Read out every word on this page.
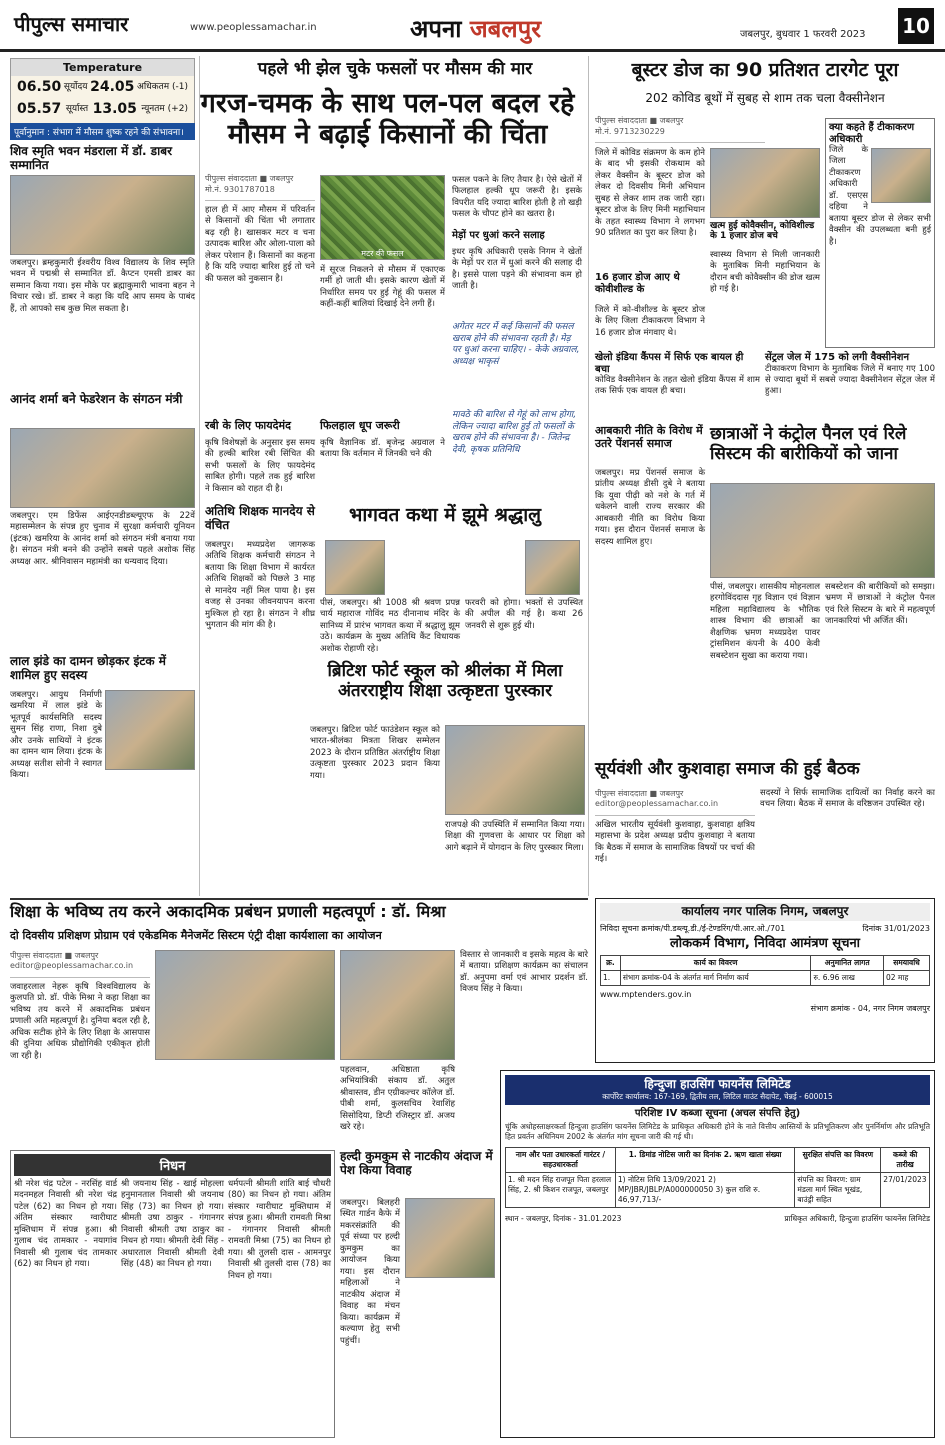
पीपुल्स समाचार	www.peoplessamachar.in	अपना जबलपुर	जबलपुर, बुधवार 1 फरवरी 2023 10
Temperature
06.50 सूर्योदय 24.05 अधिकतम (-1)
05.57 सूर्यास्त 13.05 न्यूनतम (+2)
पूर्वानुमान : संभाग में मौसम शुष्क रहने की संभावना।
शिव स्मृति भवन मंडराला में डॉ. डाबर सम्मानित
जबलपुर। ब्रम्हकुमारी ईश्वरीय विश्व विद्यालय के शिव स्मृति भवन में पद्मश्री से सम्मानित डॉ. कैप्टन एमसी डाबर का सम्मान किया गया। इस मौके पर ब्रह्माकुमारी भावना बहन ने विचार रखे। डॉ. डाबर ने कहा कि यदि आप समय के पाबंद हैं, तो आपको सब कुछ मिल सकता है।
आनंद शर्मा बने फेडरेशन के संगठन मंत्री
जबलपुर। एम डिफेंस आईएनडीडब्ल्यूएफ के 22वें महासम्मेलन के संपन्न हुए चुनाव में सुरक्षा कर्मचारी यूनियन (इंटक) खमरिया के आनंद शर्मा को संगठन मंत्री बनाया गया है। संगठन मंत्री बनने की उन्होंने सबसे पहले अशोक सिंह अध्यक्ष आर. श्रीनिवासन महामंत्री का धन्यवाद दिया।
लाल झंडे का दामन छोड़कर इंटक में शामिल हुए सदस्य
जबलपुर। आयुध निर्माणी खमरिया में लाल झंडे के भूतपूर्व कार्यसमिति सदस्य सुमन सिंह राणा, निशा दुबे और उनके साथियों ने इंटक का दामन थाम लिया। इंटक के अध्यक्ष सतीश सोनी ने स्वागत किया।
पहले भी झेल चुके फसलों पर मौसम की मार
गरज-चमक के साथ पल-पल बदल रहे मौसम ने बढ़ाई किसानों की चिंता
पीपुल्स संवाददाता ■ जबलपुर
मो.नं. 9301787018
हाल ही में आए मौसम में परिवर्तन से किसानों की चिंता भी लगातार बढ़ रही है। खासकर मटर व चना उत्पादक बारिश और ओला-पाला को लेकर परेशान हैं। किसानों का कहना है कि यदि ज्यादा बारिश हुई तो चने की फसल को नुकसान है।
रबी के लिए फायदेमंद
कृषि विशेषज्ञों के अनुसार इस समय की हल्की बारिश रबी सिंचित की सभी फसलों के लिए फायदेमंद साबित होगी। पहले तक हुई बारिश ने किसान को राहत दी है।
मटर की फसल
में सूरज निकलने से मौसम में एकाएक गर्मी हो जाती थी। इसके कारण खेतों में निर्धारित समय पर हुई गेहूं की फसल में कहीं-कहीं बालियां दिखाई देने लगी हैं।
फिलहाल धूप जरूरी
कृषि वैज्ञानिक डॉ. बृजेन्द्र अग्रवाल ने बताया कि वर्तमान में जिनकी चने की
फसल पकने के लिए तैयार है। ऐसे खेतों में फिलहाल हल्की धूप जरूरी है। इसके विपरीत यदि ज्यादा बारिश होती है तो खड़ी फसल के चौपट होने का खतरा है।
मेड़ों पर धुआं करने सलाह
इधर कृषि अधिकारी एसके निगम ने खेतों के मेड़ों पर रात में धुआं करने की सलाह दी है। इससे पाला पड़ने की संभावना कम हो जाती है।
अगेतर मटर में कई किसानों की फसल खराब होने की संभावना रहती है। मेड़ पर धुआं करना चाहिए। - केके अग्रवाल, अध्यक्ष भाकृसं
मावठे की बारिश से गेहूं को लाभ होगा, लेकिन ज्यादा बारिश हुई तो फसलों के खराब होने की संभावना है। - जितेन्द्र देवी, कृषक प्रतिनिधि
अतिथि शिक्षक मानदेय से वंचित
जबलपुर। मध्यप्रदेश जागरूक अतिथि शिक्षक कर्मचारी संगठन ने बताया कि शिक्षा विभाग में कार्यरत अतिथि शिक्षकों को पिछले 3 माह से मानदेय नहीं मिल पाया है। इस वजह से उनका जीवनयापन करना मुश्किल हो रहा है। संगठन ने शीघ्र भुगतान की मांग की है।
भागवत कथा में झूमे श्रद्धालु
पीसं, जबलपुर। श्री 1008 श्री श्रवण प्रपन्न चार्य महाराज गोविंद मठ दीनानाथ मंदिर के सानिध्य में प्रारंभ भागवत कथा में श्रद्धालु झूम उठे। कार्यक्रम के मुख्य अतिथि कैंट विधायक अशोक रोहाणी रहे।
फरवरी को होगा। भक्तों से उपस्थित की अपील की गई है। कथा 26 जनवरी से शुरू हुई थी।
ब्रिटिश फोर्ट स्कूल को श्रीलंका में मिला अंतरराष्ट्रीय शिक्षा उत्कृष्टता पुरस्कार
जबलपुर। ब्रिटिश फोर्ट फाउंडेशन स्कूल को भारत-श्रीलंका मित्रता शिखर सम्मेलन 2023 के दौरान प्रतिष्ठित अंतर्राष्ट्रीय शिक्षा उत्कृष्टता पुरस्कार 2023 प्रदान किया गया।
राजपक्षे की उपस्थिति में सम्मानित किया गया। शिक्षा की गुणवत्ता के आधार पर शिक्षा को आगे बढ़ाने में योगदान के लिए पुरस्कार मिला।
बूस्टर डोज का 90 प्रतिशत टारगेट पूरा
202 कोविड बूथों में सुबह से शाम तक चला वैक्सीनेशन
पीपुल्स संवाददाता ■ जबलपुर
मो.नं. 9713230229
जिले में कोविड संक्रमण के कम होने के बाद भी इसकी रोकथाम को लेकर वैक्सीन के बूस्टर डोज को लेकर दो दिवसीय मिनी अभियान सुबह से लेकर शाम तक जारी रहा। बूस्टर डोज के लिए मिनी महाभियान के तहत स्वास्थ्य विभाग ने लगभग 90 प्रतिशत का पुरा कर लिया है।
खत्म हुई कोवैक्सीन, कोविशील्ड के 1 हजार डोज बचे
स्वास्थ्य विभाग से मिली जानकारी के मुताबिक मिनी महाभियान के दौरान बची कोवैक्सीन की डोज खत्म हो गई है।
16 हजार डोज आए थे कोवीशील्ड के
जिले में को-वीशील्ड के बूस्टर डोज के लिए जिला टीकाकरण विभाग ने 16 हजार डोज मंगवाए थे।
क्या कहते हैं टीकाकरण अधिकारी
जिले के जिला टीकाकरण अधिकारी डॉ. एसएस दहिया ने बताया बूस्टर डोज से लेकर सभी वैक्सीन की उपलब्धता बनी हुई है।
खेलो इंडिया कैंपस में सिर्फ एक बायल ही बचा
कोविड वैक्सीनेशन के तहत खेलो इंडिया कैंपस में शाम तक सिर्फ एक वायल ही बचा।
सेंट्रल जेल में 175 को लगी वैक्सीनेशन
टीकाकरण विभाग के मुताबिक जिले में बनाए गए 100 से ज्यादा बूथों में सबसे ज्यादा वैक्सीनेशन सेंट्रल जेल में हुआ।
आबकारी नीति के विरोध में उतरे पेंशनर्स समाज
जबलपुर। मप्र पेंशनर्स समाज के प्रांतीय अध्यक्ष डीसी दुबे ने बताया कि युवा पीढ़ी को नशे के गर्त में धकेलने वाली राज्य सरकार की आबकारी नीति का विरोध किया गया। इस दौरान पेंशनर्स समाज के सदस्य शामिल हुए।
छात्राओं ने कंट्रोल पैनल एवं रिले सिस्टम की बारीकियों को जाना
पीसं, जबलपुर। शासकीय मोहनलाल हरगोविंददास गृह विज्ञान एवं विज्ञान महिला महाविद्यालय के भौतिक शास्त्र विभाग की छात्राओं का शैक्षणिक भ्रमण मध्यप्रदेश पावर ट्रांसमिशन कंपनी के 400 केवी सबस्टेशन सुखा का कराया गया।
सबस्टेशन की बारीकियों को समझा। भ्रमण में छात्राओं ने कंट्रोल पैनल एवं रिले सिस्टम के बारे में महत्वपूर्ण जानकारियां भी अर्जित कीं।
सूर्यवंशी और कुशवाहा समाज की हुई बैठक
पीपुल्स संवाददाता ■ जबलपुर
editor@peoplessamachar.co.in
अखिल भारतीय सूर्यवंशी कुशवाहा, कुशवाहा क्षत्रिय महासभा के प्रदेश अध्यक्ष प्रदीप कुशवाहा ने बताया कि बैठक में समाज के सामाजिक विषयों पर चर्चा की गई।
सदस्यों ने सिर्फ सामाजिक दायित्वों का निर्वाह करने का वचन लिया। बैठक में समाज के वरिष्ठजन उपस्थित रहे।
शिक्षा के भविष्य तय करने अकादमिक प्रबंधन प्रणाली महत्वपूर्ण : डॉ. मिश्रा
दो दिवसीय प्रशिक्षण प्रोग्राम एवं एकेडमिक मैनेजमेंट सिस्टम एंट्री दीक्षा कार्यशाला का आयोजन
पीपुल्स संवाददाता ■ जबलपुर
editor@peoplessamachar.co.in
जवाहरलाल नेहरू कृषि विश्वविद्यालय के कुलपति प्रो. डॉ. पीके मिश्रा ने कहा शिक्षा का भविष्य तय करने में अकादमिक प्रबंधन प्रणाली अति महत्वपूर्ण है। दुनिया बदल रही है, अधिक सटीक होने के लिए शिक्षा के आसपास की दुनिया अधिक प्रौद्योगिकी एकीकृत होती जा रही है।
पहलवान, अधिष्ठाता कृषि अभियांत्रिकी संकाय डॉ. अतुल श्रीवास्तव, डीन एग्रीकल्चर कॉलेज डॉ. पीबी शर्मा, कुलसचिव रेवाशिंह सिसोदिया, डिप्टी रजिस्ट्रार डॉ. अजय खरे रहे।
विस्तार से जानकारी व इसके महत्व के बारे में बताया। प्रशिक्षण कार्यक्रम का संचालन डॉ. अनुपमा वर्मा एवं आभार प्रदर्शन डॉ. विजय सिंह ने किया।
कार्यालय नगर पालिक निगम, जबलपुर
निविदा सूचना क्रमांक/पी.डब्ल्यू.डी./ई-टेण्डरिंग/पी.आर.ओ./701	दिनांक 31/01/2023
लोककर्म विभाग, निविदा आमंत्रण सूचना
क्र.	कार्य का विवरण	अनुमानित लागत	समयावधि
1.	संभाग क्रमांक-04 के अंतर्गत मार्ग निर्माण कार्य	रु. 6.96 लाख	02 माह
www.mptenders.gov.in
संभाग क्रमांक - 04, नगर निगम जबलपुर
निधन
श्री नरेश चंद्र पटेल - नरसिंह वार्ड मदनमहल निवासी श्री नरेश चंद्र पटेल (62) का निधन हो गया। अंतिम संस्कार ग्वारीघाट मुक्तिधाम में संपन्न हुआ। श्री गुलाब चंद तामकार - नयागांव निवासी श्री गुलाब चंद तामकार (62) का निधन हो गया।
श्री जयनाथ सिंह - खाई मोहल्ला हनुमानताल निवासी श्री जयनाथ सिंह (73) का निधन हो गया। श्रीमती उषा ठाकुर - गंगानगर निवासी श्रीमती उषा ठाकुर का निधन हो गया। श्रीमती देवी सिंह - अधारताल निवासी श्रीमती देवी सिंह (48) का निधन हो गया।
धर्मपत्नी श्रीमती शांति बाई चौधरी (80) का निधन हो गया। अंतिम संस्कार ग्वारीघाट मुक्तिधाम में संपन्न हुआ। श्रीमती रामवती मिश्रा - गंगानगर निवासी श्रीमती रामवती मिश्रा (75) का निधन हो गया। श्री तुलसी दास - आमनपुर निवासी श्री तुलसी दास (78) का निधन हो गया।
हल्दी कुमकुम से नाटकीय अंदाज में पेश किया विवाह
जबलपुर। बिलहरी स्थित गार्डन कैफे में मकरसंक्रांति की पूर्व संध्या पर हल्दी कुमकुम का आयोजन किया गया। इस दौरान महिलाओं ने नाटकीय अंदाज में विवाह का मंचन किया। कार्यक्रम में कल्याण हेतु सभी पहुंचीं।
हिन्दुजा हाउसिंग फायनेंस लिमिटेड
कार्पोरेट कार्यालय: 167-169, द्वितीय तल, लिटिल माउंट सैदापेट, चेन्नई - 600015
परिशिष्ट IV कब्जा सूचना (अचल संपत्ति हेतु)
चूंकि अधोहस्ताक्षरकर्ता हिन्दुजा हाउसिंग फायनेंस लिमिटेड के प्राधिकृत अधिकारी होने के नाते वित्तीय आस्तियों के प्रतिभूतिकरण और पुनर्निर्माण और प्रतिभूति हित प्रवर्तन अधिनियम 2002 के अंतर्गत मांग सूचना जारी की गई थी।
नाम और पता उधारकर्ता गारंटर / सहउधारकर्ता	1. डिमांड नोटिस जारी का दिनांक 2. ऋण खाता संख्या	सुरक्षित संपत्ति का विवरण	कब्जे की तारीख
1. श्री मदन सिंह राजपूत पिता हरलाल सिंह, 2. श्री किशन राजपूत, जबलपुर	1) नोटिस तिथि 13/09/2021 2) MP/JBR/JBLP/A000000050 3) कुल राशि रु. 46,97,713/-	संपत्ति का विवरण: ग्राम मंडला मार्ग स्थित भूखंड, बाउंड्री सहित	27/01/2023
स्थान - जबलपुर, दिनांक - 31.01.2023	प्राधिकृत अधिकारी, हिन्दुजा हाउसिंग फायनेंस लिमिटेड
